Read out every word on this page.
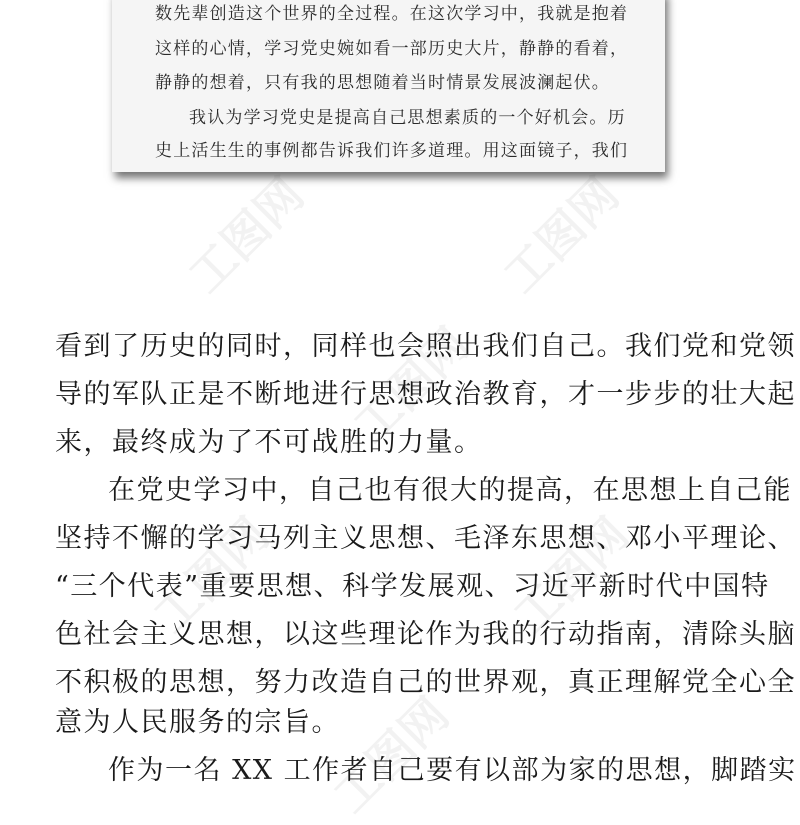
工图网	工图网
工图网
工图网	工图网
工图网
数先辈创造这个世界的全过程。在这次学习中，我就是抱着
这样的心情，学习党史婉如看一部历史大片，静静的看着，
静静的想着，只有我的思想随着当时情景发展波澜起伏。
我认为学习党史是提高自己思想素质的一个好机会。历
史上活生生的事例都告诉我们许多道理。用这面镜子，我们
看到了历史的同时，同样也会照出我们自己。我们党和党领
导的军队正是不断地进行思想政治教育，才一步步的壮大起
来，最终成为了不可战胜的力量。
在党史学习中，自己也有很大的提高，在思想上自己能
坚持不懈的学习马列主义思想、毛泽东思想、邓小平理论、
“三个代表”重要思想、科学发展观、习近平新时代中国特
色社会主义思想，以这些理论作为我的行动指南，清除头脑
不积极的思想，努力改造自己的世界观，真正理解党全心全
意为人民服务的宗旨。
作为一名 XX 工作者自己要有以部为家的思想，脚踏实
